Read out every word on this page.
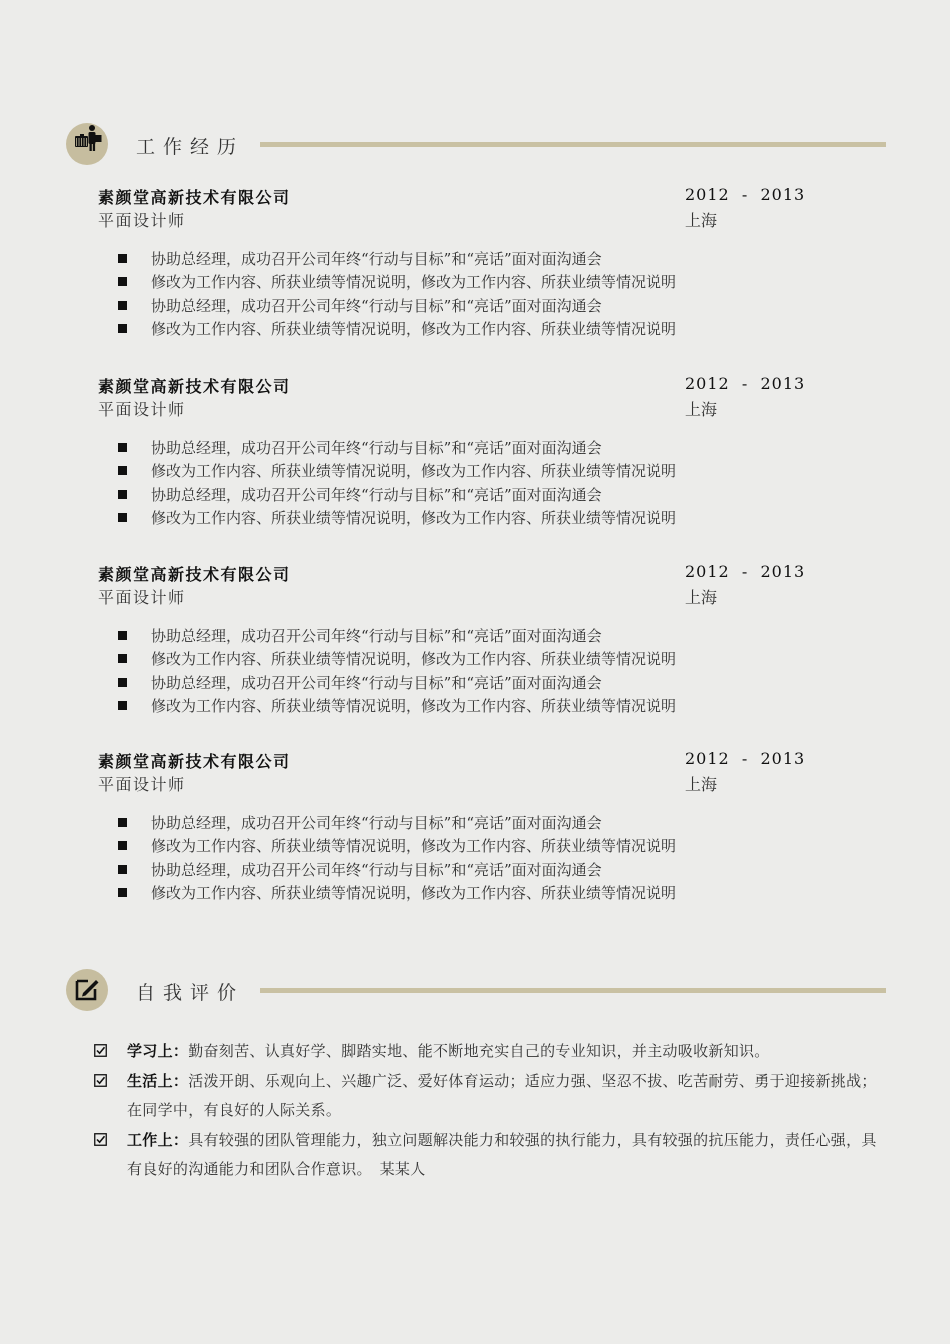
工作经历
素颜堂高新技术有限公司	2012  -  2013
平面设计师	上海
协助总经理，成功召开公司年终“行动与目标”和“亮话”面对面沟通会
修改为工作内容、所获业绩等情况说明，修改为工作内容、所获业绩等情况说明
协助总经理，成功召开公司年终“行动与目标”和“亮话”面对面沟通会
修改为工作内容、所获业绩等情况说明，修改为工作内容、所获业绩等情况说明
素颜堂高新技术有限公司	2012  -  2013
平面设计师	上海
协助总经理，成功召开公司年终“行动与目标”和“亮话”面对面沟通会
修改为工作内容、所获业绩等情况说明，修改为工作内容、所获业绩等情况说明
协助总经理，成功召开公司年终“行动与目标”和“亮话”面对面沟通会
修改为工作内容、所获业绩等情况说明，修改为工作内容、所获业绩等情况说明
素颜堂高新技术有限公司	2012  -  2013
平面设计师	上海
协助总经理，成功召开公司年终“行动与目标”和“亮话”面对面沟通会
修改为工作内容、所获业绩等情况说明，修改为工作内容、所获业绩等情况说明
协助总经理，成功召开公司年终“行动与目标”和“亮话”面对面沟通会
修改为工作内容、所获业绩等情况说明，修改为工作内容、所获业绩等情况说明
素颜堂高新技术有限公司	2012  -  2013
平面设计师	上海
协助总经理，成功召开公司年终“行动与目标”和“亮话”面对面沟通会
修改为工作内容、所获业绩等情况说明，修改为工作内容、所获业绩等情况说明
协助总经理，成功召开公司年终“行动与目标”和“亮话”面对面沟通会
修改为工作内容、所获业绩等情况说明，修改为工作内容、所获业绩等情况说明
自我评价
学习上：勤奋刻苦、认真好学、脚踏实地、能不断地充实自己的专业知识，并主动吸收新知识。
生活上：活泼开朗、乐观向上、兴趣广泛、爱好体育运动；适应力强、坚忍不拔、吃苦耐劳、勇于迎接新挑战；在同学中，有良好的人际关系。
工作上：具有较强的团队管理能力，独立问题解决能力和较强的执行能力，具有较强的抗压能力，责任心强，具有良好的沟通能力和团队合作意识。　某某人
